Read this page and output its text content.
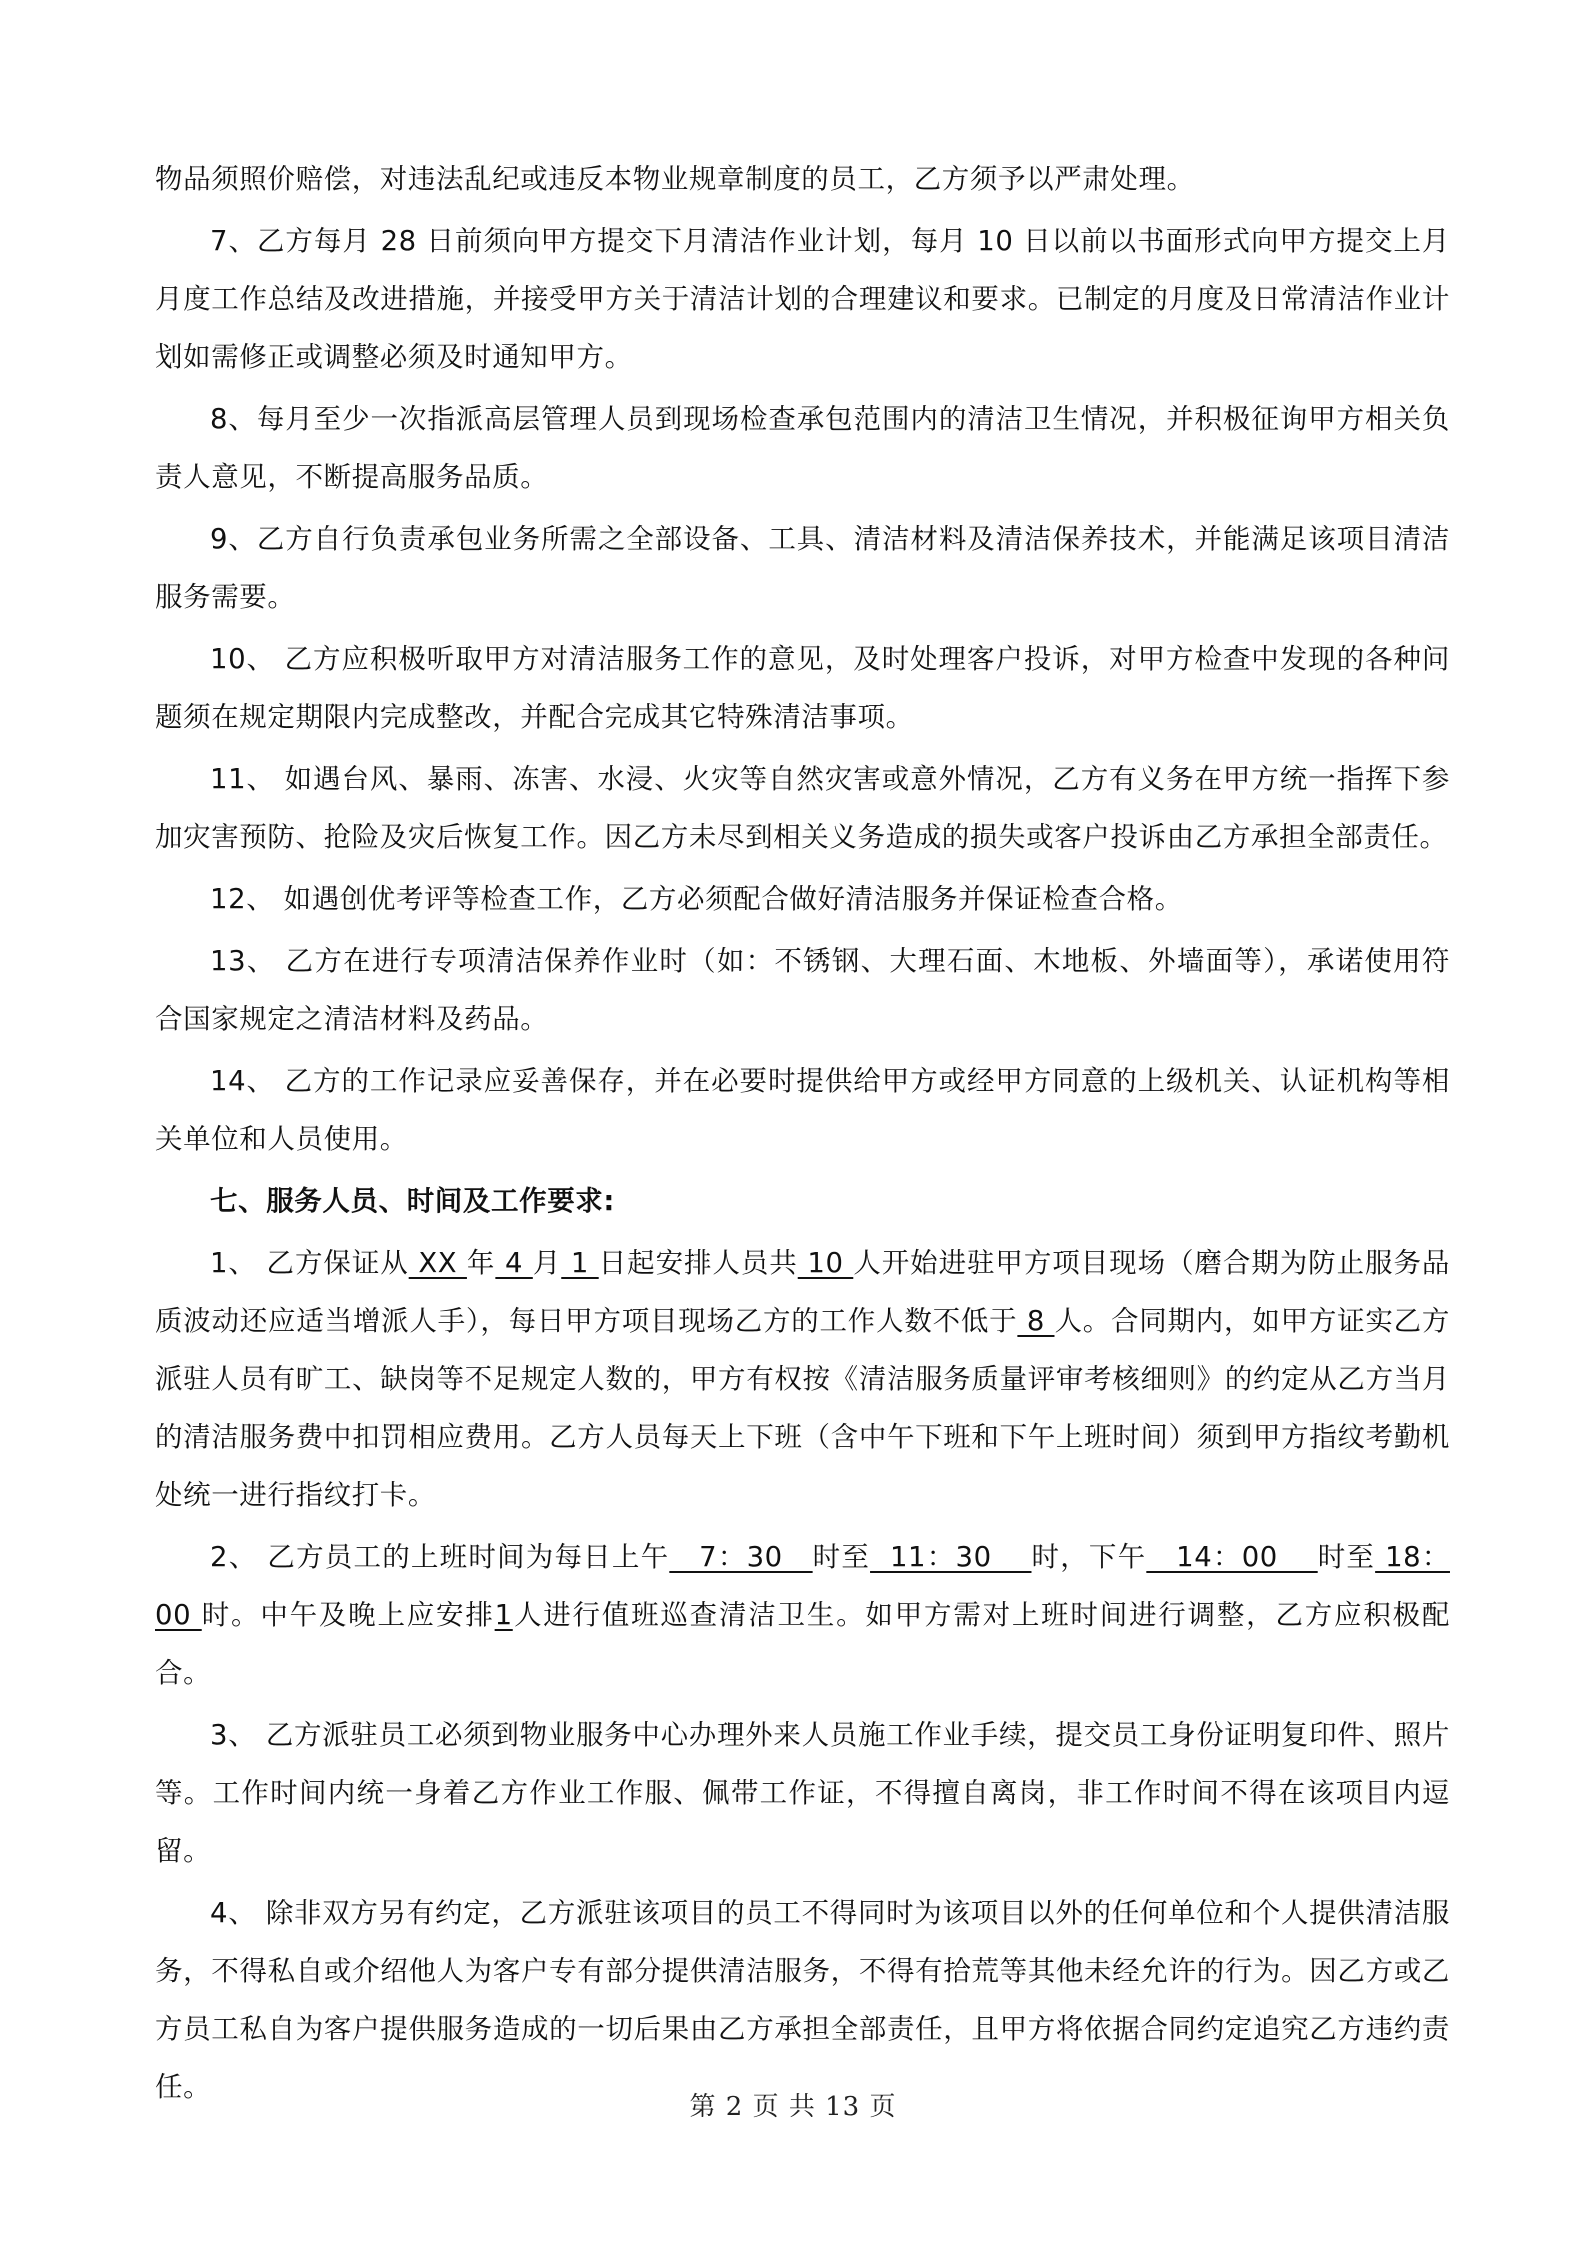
物品须照价赔偿，对违法乱纪或违反本物业规章制度的员工，乙方须予以严肃处理。

7、乙方每月 28 日前须向甲方提交下月清洁作业计划，每月 10 日以前以书面形式向甲方提交上月月度工作总结及改进措施，并接受甲方关于清洁计划的合理建议和要求。已制定的月度及日常清洁作业计划如需修正或调整必须及时通知甲方。

8、每月至少一次指派高层管理人员到现场检查承包范围内的清洁卫生情况，并积极征询甲方相关负责人意见，不断提高服务品质。

9、乙方自行负责承包业务所需之全部设备、工具、清洁材料及清洁保养技术，并能满足该项目清洁服务需要。

10、 乙方应积极听取甲方对清洁服务工作的意见，及时处理客户投诉，对甲方检查中发现的各种问题须在规定期限内完成整改，并配合完成其它特殊清洁事项。

11、 如遇台风、暴雨、冻害、水浸、火灾等自然灾害或意外情况，乙方有义务在甲方统一指挥下参加灾害预防、抢险及灾后恢复工作。因乙方未尽到相关义务造成的损失或客户投诉由乙方承担全部责任。

12、 如遇创优考评等检查工作，乙方必须配合做好清洁服务并保证检查合格。

13、 乙方在进行专项清洁保养作业时（如：不锈钢、大理石面、木地板、外墙面等），承诺使用符合国家规定之清洁材料及药品。

14、 乙方的工作记录应妥善保存，并在必要时提供给甲方或经甲方同意的上级机关、认证机构等相关单位和人员使用。

七、服务人员、时间及工作要求:

1、 乙方保证从 XX 年 4 月 1 日起安排人员共 10 人开始进驻甲方项目现场（磨合期为防止服务品质波动还应适当增派人手），每日甲方项目现场乙方的工作人数不低于 8 人。合同期内，如甲方证实乙方派驻人员有旷工、缺岗等不足规定人数的，甲方有权按《清洁服务质量评审考核细则》的约定从乙方当月的清洁服务费中扣罚相应费用。乙方人员每天上下班（含中午下班和下午上班时间）须到甲方指纹考勤机处统一进行指纹打卡。

2、 乙方员工的上班时间为每日上午   7：30   时至  11：30    时，下午   14：00    时至 18：00 时。中午及晚上应安排1人进行值班巡查清洁卫生。如甲方需对上班时间进行调整，乙方应积极配合。

3、 乙方派驻员工必须到物业服务中心办理外来人员施工作业手续，提交员工身份证明复印件、照片等。工作时间内统一身着乙方作业工作服、佩带工作证，不得擅自离岗，非工作时间不得在该项目内逗留。

4、 除非双方另有约定，乙方派驻该项目的员工不得同时为该项目以外的任何单位和个人提供清洁服务，不得私自或介绍他人为客户专有部分提供清洁服务，不得有拾荒等其他未经允许的行为。因乙方或乙方员工私自为客户提供服务造成的一切后果由乙方承担全部责任，且甲方将依据合同约定追究乙方违约责任。

第 2 页 共 13 页
